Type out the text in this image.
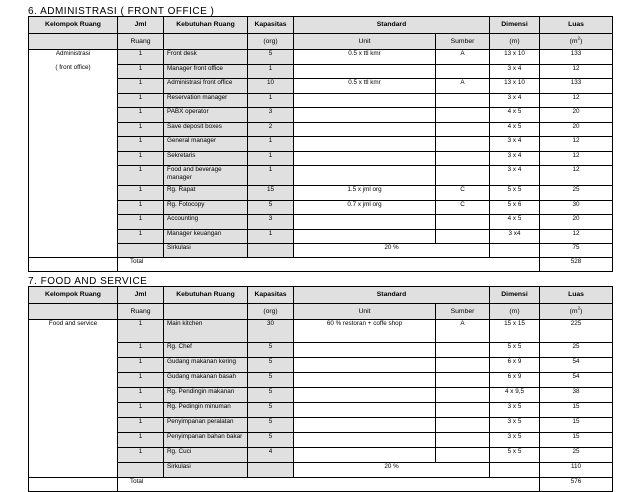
6. ADMINISTRASI ( FRONT OFFICE )
Kelompok Ruang	Jml	Kebutuhan Ruang	Kapasitas	Standard		Dimensi	Luas
	Ruang		(org)	Unit	Sumber	(m)	$(m^2)$
Administrasi	1	Front desk	5	0.5 x ttl kmr	A	13 x 10	133
( front office)	1	Manager front office	1			3 x 4	12
	1	Administrasi front office	10	0.5 x ttl kmr	A	13 x 10	133
	1	Reservation manager	1			3 x 4	12
	1	PABX operator	3			4 x 5	20
	1	Save deposit boxes	2			4 x 5	20
	1	General manager	1			3 x 4	12
	1	Sekretaris	1			3 x 4	12
	1	Food and beverage manager	1			3 x 4	12
	1	Rg. Rapat	15	1.5 x jml org	C	5 x 5	25
	1	Rg. Fotocopy	5	0.7 x jml org	C	5 x 6	30
	1	Accounting	3			4 x 5	20
	1	Manager keuangan	1			3 x4	12
		Sirkulasi		20 %			75
	Total						528
7. FOOD AND SERVICE
Kelompok Ruang	Jml	Kebutuhan Ruang	Kapasitas	Standard		Dimensi	Luas
	Ruang		(org)	Unit	Sumber	(m)	$(m^2)$
Food and service	1	Main kitchen	30	60 % restoran + coffe shop	A	15 x 15	225
	1	Rg. Chef	5			5 x 5	25
	1	Gudang makanan kering	5			6 x 9	54
	1	Gudang makanan basah	5			6 x 9	54
	1	Rg. Pendingin makanan	5			4 x 9,5	38
	1	Rg. Pedingin minuman	5			3 x 5	15
	1	Penyimpanan peralatan	5			3 x 5	15
	1	Penyimpanan bahan bakar	5			3 x 5	15
	1	Rg. Cuci	4			5 x 5	25
		Sirkulasi		20 %			110
	Total						576
